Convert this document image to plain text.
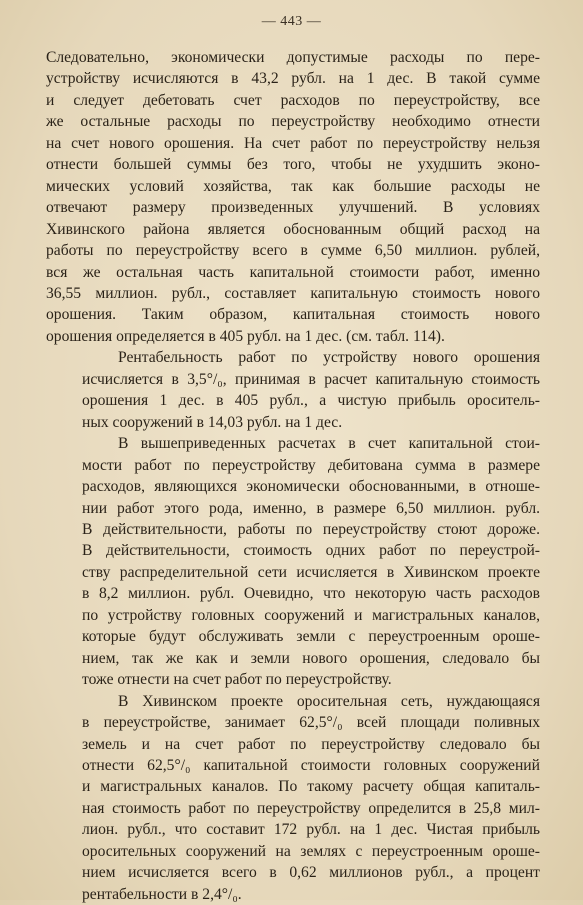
— 443 —

Следовательно, экономически допустимые расходы по пере-
устройству исчисляются в 43,2 рубл. на 1 дес. В такой сумме
и следует дебетовать счет расходов по переустройству, все
же остальные расходы по переустройству необходимо отнести
на счет нового орошения. На счет работ по переустройству нельзя
отнести большей суммы без того, чтобы не ухудшить эконо-
мических условий хозяйства, так как большие расходы не
отвечают размеру произведенных улучшений. В условиях
Хивинского района является обоснованным общий расход на
работы по переустройству всего в сумме 6,50 миллион. рублей,
вся же остальная часть капитальной стоимости работ, именно
36,55 миллион. рубл., составляет капитальную стоимость нового
орошения. Таким образом, капитальная стоимость нового
орошения определяется в 405 рубл. на 1 дес. (см. табл. 114).

Рентабельность работ по устройству нового орошения
исчисляется в 3,5°/₀, принимая в расчет капитальную стоимость
орошения 1 дес. в 405 рубл., а чистую прибыль ороситель-
ных сооружений в 14,03 рубл. на 1 дес.

В вышеприведенных расчетах в счет капитальной стои-
мости работ по переустройству дебитована сумма в размере
расходов, являющихся экономически обоснованными, в отноше-
нии работ этого рода, именно, в размере 6,50 миллион. рубл.
В действительности, работы по переустройству стоют дороже.
В действительности, стоимость одних работ по переустрой-
ству распределительной сети исчисляется в Хивинском проекте
в 8,2 миллион. рубл. Очевидно, что некоторую часть расходов
по устройству головных сооружений и магистральных каналов,
которые будут обслуживать земли с переустроенным ороше-
нием, так же как и земли нового орошения, следовало бы
тоже отнести на счет работ по переустройству.

В Хивинском проекте оросительная сеть, нуждающаяся
в переустройстве, занимает 62,5°/₀ всей площади поливных
земель и на счет работ по переустройству следовало бы
отнести 62,5°/₀ капитальной стоимости головных сооружений
и магистральных каналов. По такому расчету общая капиталь-
ная стоимость работ по переустройству определится в 25,8 мил-
лион. рубл., что составит 172 рубл. на 1 дес. Чистая прибыль
оросительных сооружений на землях с переустроенным ороше-
нием исчисляется всего в 0,62 миллионов рубл., а процент
рентабельности в 2,4°/₀.
